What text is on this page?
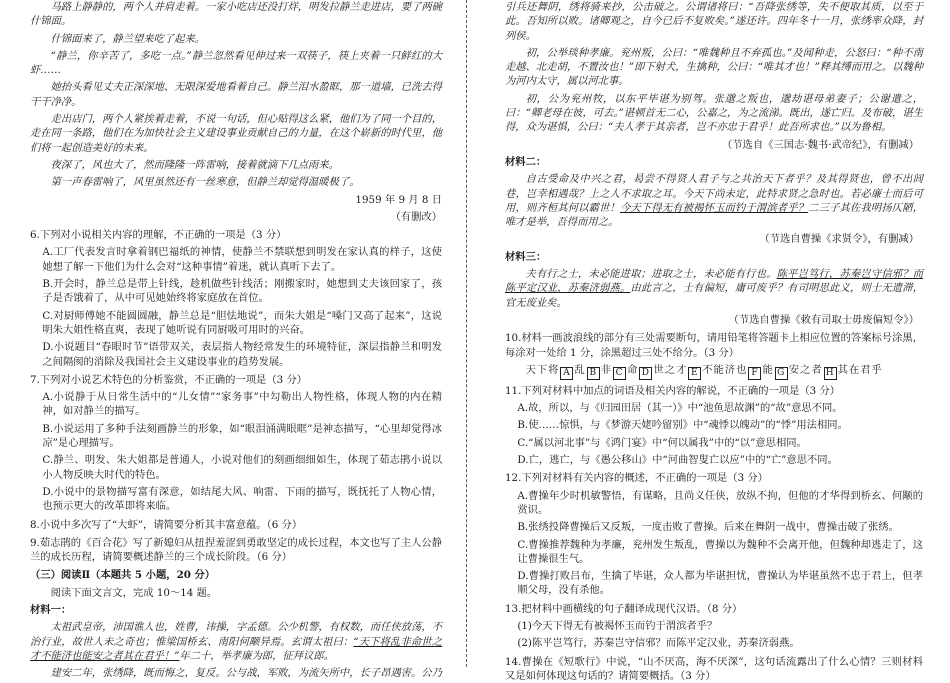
马路上静静的，两个人并肩走着。一家小吃店还没打烊，明发拉静兰走进店，要了两碗什锦面。

什锦面来了，静兰望来吃了起来。

“静兰，你辛苦了，多吃一点。”静兰忽然看见伸过来一双筷子，筷上夹着一只鲜红的大虾……

她抬头看见丈夫正深深地、无限深爱地看着自己。静兰泪水盈眶，那一道墙，已洗去得干干净净。

走出店门，两个人紧挨着走着，不说一句话，但心贴得这么紧，他们为了同一个目的，走在同一条路，他们在为加快社会主义建设事业贡献自己的力量，在这个崭新的时代里，他们将一起创造美好的未来。

夜深了，风也大了，然而隆隆一阵雷响，接着就滴下几点雨来。

第一声春雷响了，风里虽然还有一丝寒意，但静兰却觉得温暖极了。

1959 年 9 月 8 日

（有删改）

6.下列对小说相关内容的理解，不正确的一项是（3 分）

A.工厂代表发言时拿着钢巴福纸的神情，使静兰不禁联想到明发在家认真的样子，这使她想了解一下他们为什么会对“这种事情”着迷，就认真听下去了。

B.开会时，静兰总是带上针线，趁机做些针线活；刚搬家时，她想到丈夫该回家了，孩子是否饿着了，从中可见她始终将家庭放在首位。

C.对厨师傅她不能圆圆融，静兰总是“胆怯地说”，而朱大姐是“嗓门又高了起来”，这说明朱大姐性格直爽，表现了她听说有同厨吸可用时的兴奋。

D.小说题目“春眼时节”语带双关，表层指人物经常发生的环境特征，深层指静兰和明发之间隔阂的消除及我国社会主义建设事业的趋势发展。

7.下列对小说艺术特色的分析鉴赏，不正确的一项是（3 分）

A.小说静于从日常生活中的“儿女情”“家务事”中勾勒出人物性格，体现人物的内在精神，如对静兰的描写。

B.小说运用了多种手法刻画静兰的形象，如“眼泪涌满眼眶”是神态描写，“心里却觉得冰凉”是心理描写。

C.静兰、明发、朱大姐都是普通人，小说对他们的刻画细细如生，体现了茹志鹃小说以小人物反映大时代的特色。

D.小说中的景物描写富有深意，如结尾大风、响雷、下雨的描写，既抚托了人物心情，也预示更大的改革即将来临。

8.小说中多次写了“大虾”，请简要分析其丰富意蕴。（6 分）

9.茹志鹃的《百合花》写了新媳妇从扭捏羞涩到勇敢坚定的成长过程，本文也写了主人公静兰的成长历程，请简要概述静兰的三个成长阶段。（6 分）

（三）阅读Ⅱ（本题共 5 小题，20 分）

阅读下面文言文，完成 10～14 题。

材料一：

太祖武皇帝，沛国谯人也，姓曹，讳操，字孟德。公少机警，有权数，而任侠放荡，不治行业，故世人未之奇也；惟梁国桥玄、南阳何颙异焉。玄谓太祖曰：“天下将乱非命世之才不能济也能安之者其在君乎！”年二十，举孝廉为郎，征拜议郎。

建安二年，张绣降，既而悔之，复反。公与战，军败，为流矢所中，长子昂遇害。公乃

引兵还舞阴，绣将骑来抄，公击破之。公谓诸将曰：“吾降张绣等，失不便取其质，以至于此。吾知所以败。诸卿观之，自今已后不复败矣。”遂还许。四年冬十一月，张绣率众降，封列侯。

初，公举琰种孝廉。兖州叛，公曰：“唯魏种且不弃孤也。”及闻种走，公怒曰：“种不南走越、北走胡，不置汝也！”即下射犬，生擒种，公曰：“唯其才也！”释其缚而用之。以魏种为河内太守，属以河北事。

初，公为兖州牧，以东平毕谌为别驾。张邈之叛也，邈劫谌母弟妻子；公谢遣之，曰：“卿老母在彼，可去。”谌顿首无二心，公嘉之，为之流涕。既出，遂亡归。及布破，谌生得，众为谌惧，公曰：“夫人孝于其亲者，岂不亦忠于君乎！此吾所求也。”以为鲁相。

（节选自《三国志·魏书·武帝纪》，有删减）

材料二：

自古受命及中兴之君，曷尝不得贤人君子与之共治天下者乎？及其得贤也，曾不出闾巷，岂幸相遇哉？上之人不求取之耳。今天下尚未定，此特求贤之急时也。若必廉士而后可用，则齐桓其何以霸世！今天下得无有被褐怀玉而钓于渭滨者乎？二三子其佐我明扬仄陋，唯才是举，吾得而用之。

（节选自曹操《求贤令》，有删减）

材料三：

夫有行之士，未必能进取；进取之士，未必能有行也。陈平岂笃行，苏秦岂守信邪？而陈平定汉业，苏秦济弱燕。由此言之，士有偏短，庸可废乎？有司明思此义，则士无遗滞，官无废业矣。

（节选自曹操《敕有司取士毋废偏短令》）

10.材料一画波浪线的部分有三处需要断句，请用铅笔将答题卡上相应位置的答案标号涂黑，每涂对一处给 1 分，涂黑超过三处不给分。（3 分）

天下将 A 乱 B 非 C 命 D 世之才 E 不能济也 F 能 G 安之者 H 其在君乎

11.下列对材料中加点的词语及相关内容的解说，不正确的一项是（3 分）

A.故，所以，与《归园田居（其一）》中“池鱼思故渊”的“故”意思不同。

B.使……惊惧，与《梦游天姥吟留别》中“魂悸以魄动”的“悸”用法相同。

C.“属以河北事”与《鸿门宴》中“何以属我”中的“以”意思相同。

D.亡，逃亡，与《愚公移山》中“河曲智叟亡以应”中的“亡”意思不同。

12.下列对材料有关内容的概述，不正确的一项是（3 分）

A.曹操年少时机敏警悟，有谋略，且尚义任侠，放纵不拘，但他的才华得到桥玄、何颙的赏识。

B.张绣投降曹操后又反叛，一度击败了曹操。后来在舞阴一战中，曹操击破了张绣。

C.曹操推荐魏种为孝廉，兖州发生叛乱，曹操以为魏种不会离开他，但魏种却逃走了，这让曹操很生气。

D.曹操打败吕布，生擒了毕谌，众人都为毕谌担忧，曹操认为毕谌虽然不忠于君上，但孝顺父母，没有杀他。

13.把材料中画横线的句子翻译成现代汉语。（8 分）

(1)今天下得无有被褐怀玉而钓于渭滨者乎？

(2)陈平岂笃行，苏秦岂守信邪？而陈平定汉业，苏秦济弱燕。

14.曹操在《短歌行》中说，“山不厌高，海不厌深”，这句话流露出了什么心情？三则材料又是如何体现这句话的？请简要概括。（3 分）
